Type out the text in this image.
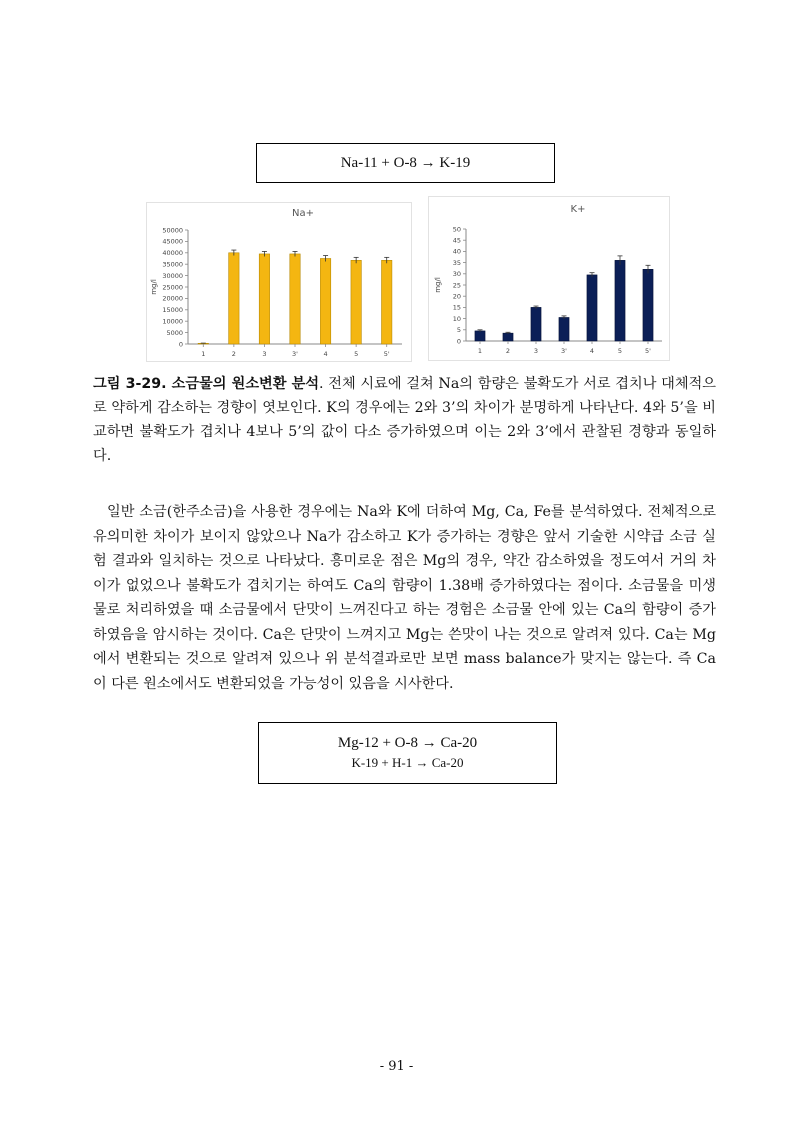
Na-11 + O-8 → K-19
Na+
0
5000
10000
15000
20000
25000
30000
35000
40000
45000
50000
mg/l
1	2	3	3'	4	5	5'
K+
0
5
10
15
20
25
30
35
40
45
50
mg/l
1	2	3	3'	4	5	5'
그림 3-29. 소금물의 원소변환 분석. 전체 시료에 걸쳐 Na의 함량은 불확도가 서로 겹치나 대체적으로 약하게 감소하는 경향이 엿보인다. K의 경우에는 2와 3’의 차이가 분명하게 나타난다. 4와 5’을 비교하면 불확도가 겹치나 4보나 5’의 값이 다소 증가하였으며 이는 2와 3’에서 관찰된 경향과 동일하다.
일반 소금(한주소금)을 사용한 경우에는 Na와 K에 더하여 Mg, Ca, Fe를 분석하였다. 전체적으로 유의미한 차이가 보이지 않았으나 Na가 감소하고 K가 증가하는 경향은 앞서 기술한 시약급 소금 실험 결과와 일치하는 것으로 나타났다. 흥미로운 점은 Mg의 경우, 약간 감소하였을 정도여서 거의 차이가 없었으나 불확도가 겹치기는 하여도 Ca의 함량이 1.38배 증가하였다는 점이다. 소금물을 미생물로 처리하였을 때 소금물에서 단맛이 느껴진다고 하는 경험은 소금물 안에 있는 Ca의 함량이 증가하였음을 암시하는 것이다. Ca은 단맛이 느껴지고 Mg는 쓴맛이 나는 것으로 알려져 있다. Ca는 Mg에서 변환되는 것으로 알려져 있으나 위 분석결과로만 보면 mass balance가 맞지는 않는다. 즉 Ca이 다른 원소에서도 변환되었을 가능성이 있음을 시사한다.
Mg-12 + O-8 → Ca-20
K-19 + H-1 → Ca-20
- 91 -
